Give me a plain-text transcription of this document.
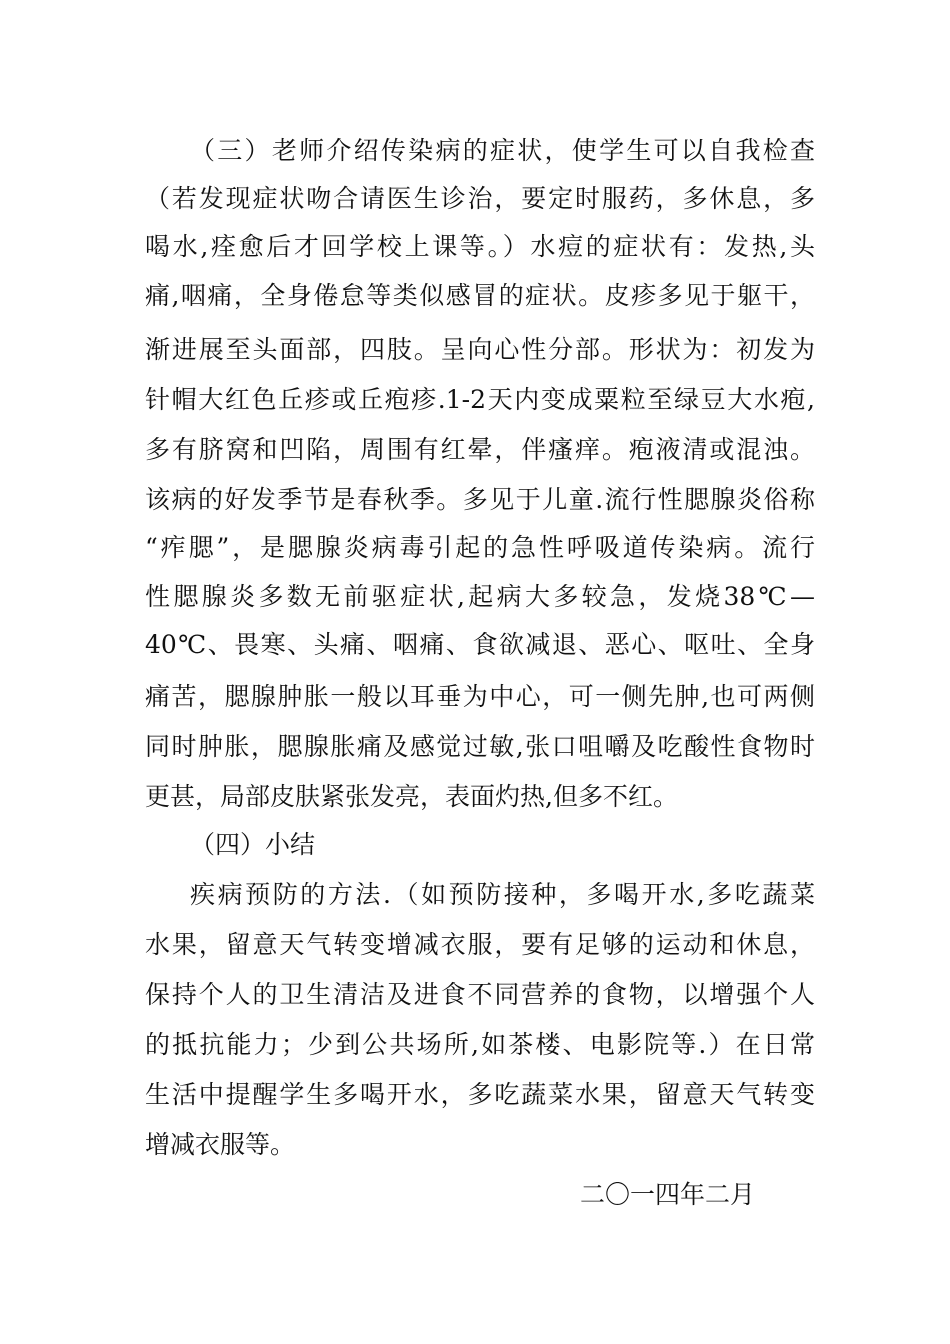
（三）老师介绍传染病的症状，使学生可以自我检查
（若发现症状吻合请医生诊治，要定时服药，多休息，多
喝水,痊愈后才回学校上课等。）水痘的症状有：发热,头
痛,咽痛，全身倦怠等类似感冒的症状。皮疹多见于躯干，
渐进展至头面部，四肢。呈向心性分部。形状为：初发为
针帽大红色丘疹或丘疱疹.1-2天内变成粟粒至绿豆大水疱,
多有脐窝和凹陷，周围有红晕，伴瘙痒。疱液清或混浊。
该病的好发季节是春秋季。多见于儿童.流行性腮腺炎俗称
“痄腮”，是腮腺炎病毒引起的急性呼吸道传染病。流行
性腮腺炎多数无前驱症状,起病大多较急，发烧38℃—
40℃、畏寒、头痛、咽痛、食欲减退、恶心、呕吐、全身
痛苦，腮腺肿胀一般以耳垂为中心，可一侧先肿,也可两侧
同时肿胀，腮腺胀痛及感觉过敏,张口咀嚼及吃酸性食物时
更甚，局部皮肤紧张发亮，表面灼热,但多不红。
（四）小结
疾病预防的方法.（如预防接种，多喝开水,多吃蔬菜
水果，留意天气转变增减衣服，要有足够的运动和休息，
保持个人的卫生清洁及进食不同营养的食物，以增强个人
的抵抗能力；少到公共场所,如茶楼、电影院等.）在日常
生活中提醒学生多喝开水，多吃蔬菜水果，留意天气转变
增减衣服等。
二〇一四年二月
